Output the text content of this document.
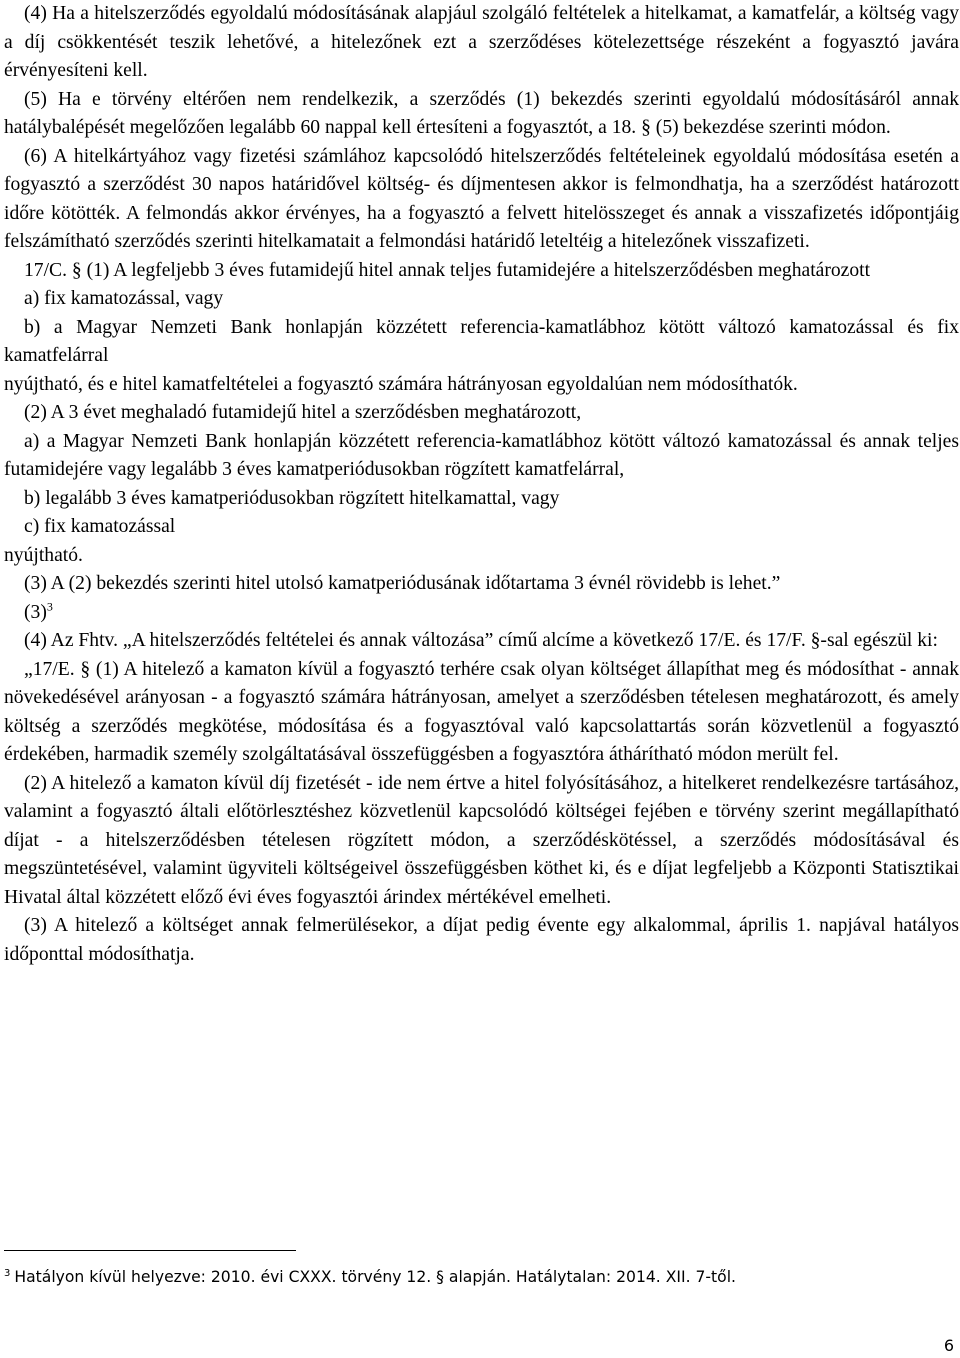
(4) Ha a hitelszerződés egyoldalú módosításának alapjául szolgáló feltételek a hitelkamat, a kamatfelár, a költség vagy a díj csökkentését teszik lehetővé, a hitelezőnek ezt a szerződéses kötelezettsége részeként a fogyasztó javára érvényesíteni kell.

(5) Ha e törvény eltérően nem rendelkezik, a szerződés (1) bekezdés szerinti egyoldalú módosításáról annak hatálybalépését megelőzően legalább 60 nappal kell értesíteni a fogyasztót, a 18. § (5) bekezdése szerinti módon.

(6) A hitelkártyához vagy fizetési számlához kapcsolódó hitelszerződés feltételeinek egyoldalú módosítása esetén a fogyasztó a szerződést 30 napos határidővel költség- és díjmentesen akkor is felmondhatja, ha a szerződést határozott időre kötötték. A felmondás akkor érvényes, ha a fogyasztó a felvett hitelösszeget és annak a visszafizetés időpontjáig felszámítható szerződés szerinti hitelkamatait a felmondási határidő leteltéig a hitelezőnek visszafizeti.

17/C. § (1) A legfeljebb 3 éves futamidejű hitel annak teljes futamidejére a hitelszerződésben meghatározott

a) fix kamatozással, vagy

b) a Magyar Nemzeti Bank honlapján közzétett referencia-kamatlábhoz kötött változó kamatozással és fix kamatfelárral

nyújtható, és e hitel kamatfeltételei a fogyasztó számára hátrányosan egyoldalúan nem módosíthatók.

(2) A 3 évet meghaladó futamidejű hitel a szerződésben meghatározott,

a) a Magyar Nemzeti Bank honlapján közzétett referencia-kamatlábhoz kötött változó kamatozással és annak teljes futamidejére vagy legalább 3 éves kamatperiódusokban rögzített kamatfelárral,

b) legalább 3 éves kamatperiódusokban rögzített hitelkamattal, vagy

c) fix kamatozással

nyújtható.

(3) A (2) bekezdés szerinti hitel utolsó kamatperiódusának időtartama 3 évnél rövidebb is lehet.”

$(3)^3$

(4) Az Fhtv. „A hitelszerződés feltételei és annak változása” című alcíme a következő 17/E. és 17/F. §-sal egészül ki:

„17/E. § (1) A hitelező a kamaton kívül a fogyasztó terhére csak olyan költséget állapíthat meg és módosíthat - annak növekedésével arányosan - a fogyasztó számára hátrányosan, amelyet a szerződésben tételesen meghatározott, és amely költség a szerződés megkötése, módosítása és a fogyasztóval való kapcsolattartás során közvetlenül a fogyasztó érdekében, harmadik személy szolgáltatásával összefüggésben a fogyasztóra áthárítható módon merült fel.

(2) A hitelező a kamaton kívül díj fizetését - ide nem értve a hitel folyósításához, a hitelkeret rendelkezésre tartásához, valamint a fogyasztó általi előtörlesztéshez közvetlenül kapcsolódó költségei fejében e törvény szerint megállapítható díjat - a hitelszerződésben tételesen rögzített módon, a szerződéskötéssel, a szerződés módosításával és megszüntetésével, valamint ügyviteli költségeivel összefüggésben köthet ki, és e díjat legfeljebb a Központi Statisztikai Hivatal által közzétett előző évi éves fogyasztói árindex mértékével emelheti.

(3) A hitelező a költséget annak felmerülésekor, a díjat pedig évente egy alkalommal, április 1. napjával hatályos időponttal módosíthatja.

$^3$ Hatályon kívül helyezve: 2010. évi CXXX. törvény 12. § alapján. Hatálytalan: 2014. XII. 7-től.
6
